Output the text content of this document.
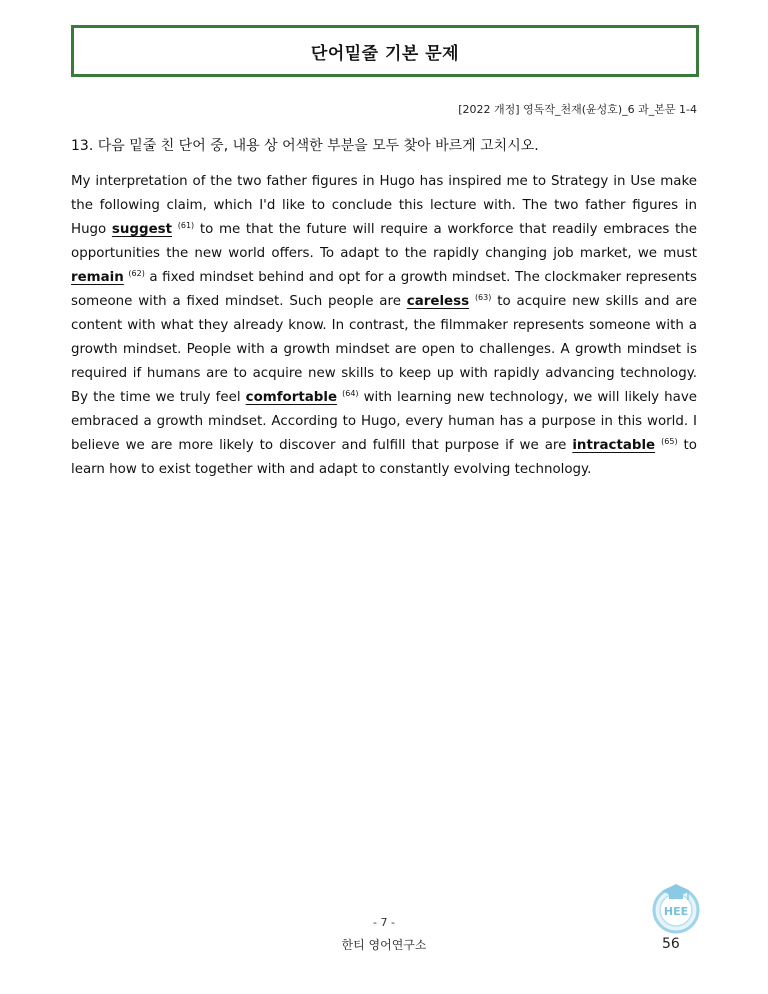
단어밑줄 기본 문제
[2022 개정] 영독작_천재(윤성호)_6 과_본문 1-4
13. 다음 밑줄 친 단어 중, 내용 상 어색한 부분을 모두 찾아 바르게 고치시오.
My interpretation of the two father figures in Hugo has inspired me to Strategy in Use make the following claim, which I'd like to conclude this lecture with. The two father figures in Hugo suggest $^{(61)}$ to me that the future will require a workforce that readily embraces the opportunities the new world offers. To adapt to the rapidly changing job market, we must remain $^{(62)}$ a fixed mindset behind and opt for a growth mindset. The clockmaker represents someone with a fixed mindset. Such people are careless $^{(63)}$ to acquire new skills and are content with what they already know. In contrast, the filmmaker represents someone with a growth mindset. People with a growth mindset are open to challenges. A growth mindset is required if humans are to acquire new skills to keep up with rapidly advancing technology. By the time we truly feel comfortable $^{(64)}$ with learning new technology, we will likely have embraced a growth mindset. According to Hugo, every human has a purpose in this world. I believe we are more likely to discover and fulfill that purpose if we are intractable $^{(65)}$ to learn how to exist together with and adapt to constantly evolving technology.
- 7 -
한티 영어연구소
HEE
56
